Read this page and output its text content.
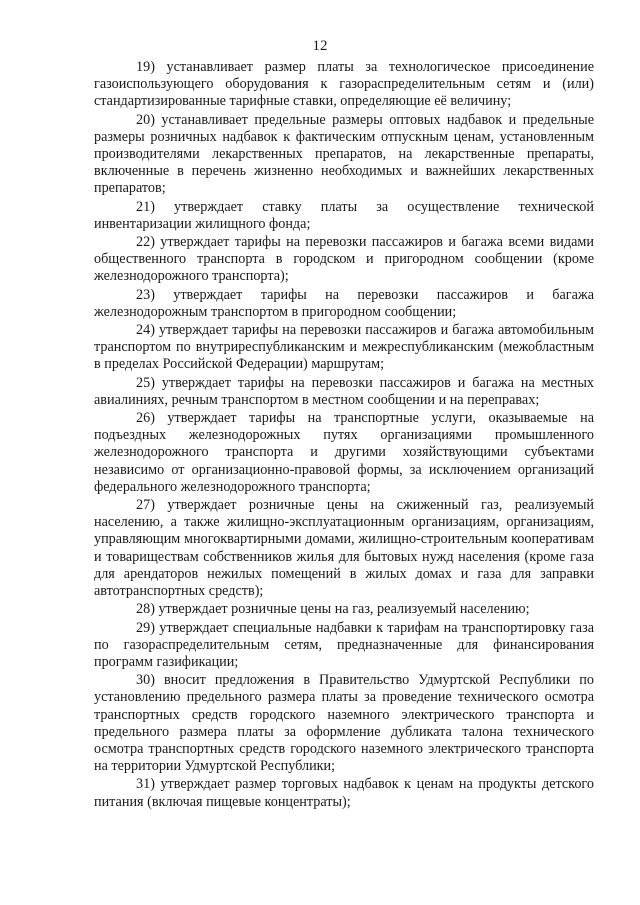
12

19) устанавливает размер платы за технологическое присоединение газоиспользующего оборудования к газораспределительным сетям и (или) стандартизированные тарифные ставки, определяющие её величину;

20) устанавливает предельные размеры оптовых надбавок и предельные размеры розничных надбавок к фактическим отпускным ценам, установленным производителями лекарственных препаратов, на лекарственные препараты, включенные в перечень жизненно необходимых и важнейших лекарственных препаратов;

21) утверждает ставку платы за осуществление технической инвентаризации жилищного фонда;

22) утверждает тарифы на перевозки пассажиров и багажа всеми видами общественного транспорта в городском и пригородном сообщении (кроме железнодорожного транспорта);

23) утверждает тарифы на перевозки пассажиров и багажа железнодорожным транспортом в пригородном сообщении;

24) утверждает тарифы на перевозки пассажиров и багажа автомобильным транспортом по внутриреспубликанским и межреспубликанским (межобластным в пределах Российской Федерации) маршрутам;

25) утверждает тарифы на перевозки пассажиров и багажа на местных авиалиниях, речным транспортом в местном сообщении и на переправах;

26) утверждает тарифы на транспортные услуги, оказываемые на подъездных железнодорожных путях организациями промышленного железнодорожного транспорта и другими хозяйствующими субъектами независимо от организационно-правовой формы, за исключением организаций федерального железнодорожного транспорта;

27) утверждает розничные цены на сжиженный газ, реализуемый населению, а также жилищно-эксплуатационным организациям, организациям, управляющим многоквартирными домами, жилищно-строительным кооперативам и товариществам собственников жилья для бытовых нужд населения (кроме газа для арендаторов нежилых помещений в жилых домах и газа для заправки автотранспортных средств);

28) утверждает розничные цены на газ, реализуемый населению;

29) утверждает специальные надбавки к тарифам на транспортировку газа по газораспределительным сетям, предназначенные для финансирования программ газификации;

30) вносит предложения в Правительство Удмуртской Республики по установлению предельного размера платы за проведение технического осмотра транспортных средств городского наземного электрического транспорта и предельного размера платы за оформление дубликата талона технического осмотра транспортных средств городского наземного электрического транспорта на территории Удмуртской Республики;

31) утверждает размер торговых надбавок к ценам на продукты детского питания (включая пищевые концентраты);
